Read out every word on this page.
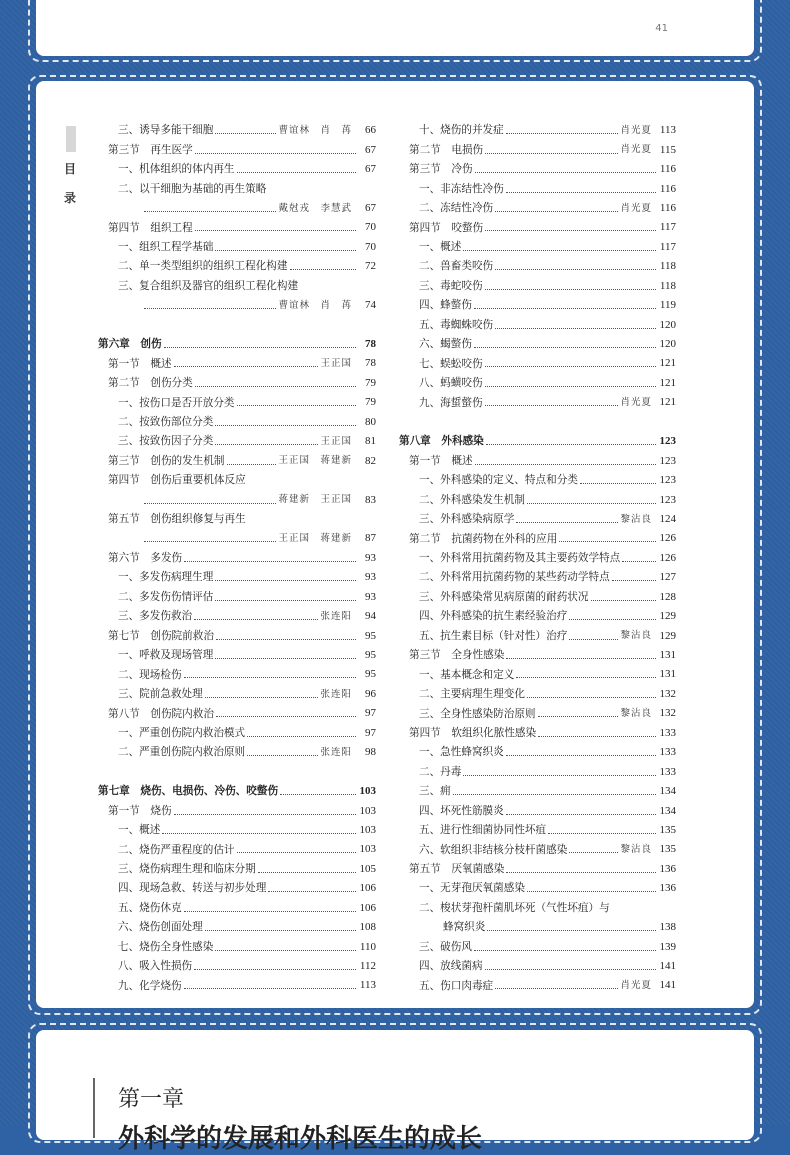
41
目
录
三、诱导多能干细胞	曹谊林　肖　苒	66
第三节　再生医学	67
一、机体组织的体内再生	67
二、以干细胞为基础的再生策略
戴尅戎　李慧武	67
第四节　组织工程	70
一、组织工程学基础	70
二、单一类型组织的组织工程化构建	72
三、复合组织及器官的组织工程化构建
曹谊林　肖　苒	74
第六章　创伤	78
第一节　概述	王正国	78
第二节　创伤分类	79
一、按伤口是否开放分类	79
二、按致伤部位分类	80
三、按致伤因子分类	王正国	81
第三节　创伤的发生机制	王正国　蒋建新	82
第四节　创伤后重要机体反应
蒋建新　王正国	83
第五节　创伤组织修复与再生
王正国　蒋建新	87
第六节　多发伤	93
一、多发伤病理生理	93
二、多发伤伤情评估	93
三、多发伤救治	张连阳	94
第七节　创伤院前救治	95
一、呼救及现场管理	95
二、现场检伤	95
三、院前急救处理	张连阳	96
第八节　创伤院内救治	97
一、严重创伤院内救治模式	97
二、严重创伤院内救治原则	张连阳	98
第七章　烧伤、电损伤、冷伤、咬螫伤	103
第一节　烧伤	103
一、概述	103
二、烧伤严重程度的估计	103
三、烧伤病理生理和临床分期	105
四、现场急救、转送与初步处理	106
五、烧伤休克	106
六、烧伤创面处理	108
七、烧伤全身性感染	110
八、吸入性损伤	112
九、化学烧伤	113
十、烧伤的并发症	肖光夏 113
第二节　电损伤	肖光夏 115
第三节　冷伤	116
一、非冻结性冷伤	116
二、冻结性冷伤	肖光夏 116
第四节　咬螫伤	117
一、概述	117
二、兽畜类咬伤	118
三、毒蛇咬伤	118
四、蜂螫伤	119
五、毒蜘蛛咬伤	120
六、蝎螫伤	120
七、蜈蚣咬伤	121
八、蚂蟥咬伤	121
九、海蜇螫伤	肖光夏 121
第八章　外科感染	123
第一节　概述	123
一、外科感染的定义、特点和分类	123
二、外科感染发生机制	123
三、外科感染病原学	黎沾良 124
第二节　抗菌药物在外科的应用	126
一、外科常用抗菌药物及其主要药效学特点	126
二、外科常用抗菌药物的某些药动学特点	127
三、外科感染常见病原菌的耐药状况	128
四、外科感染的抗生素经验治疗	129
五、抗生素目标（针对性）治疗	黎沾良 129
第三节　全身性感染	131
一、基本概念和定义	131
二、主要病理生理变化	132
三、全身性感染防治原则	黎沾良 132
第四节　软组织化脓性感染	133
一、急性蜂窝织炎	133
二、丹毒	133
三、痈	134
四、坏死性筋膜炎	134
五、进行性细菌协同性坏疽	135
六、软组织非结核分枝杆菌感染	黎沾良 135
第五节　厌氧菌感染	136
一、无芽孢厌氧菌感染	136
二、梭状芽孢杆菌肌坏死（气性坏疽）与
蜂窝织炎	138
三、破伤风	139
四、放线菌病	141
五、伤口肉毒症	肖光夏 141
第一章
外科学的发展和外科医生的成长
